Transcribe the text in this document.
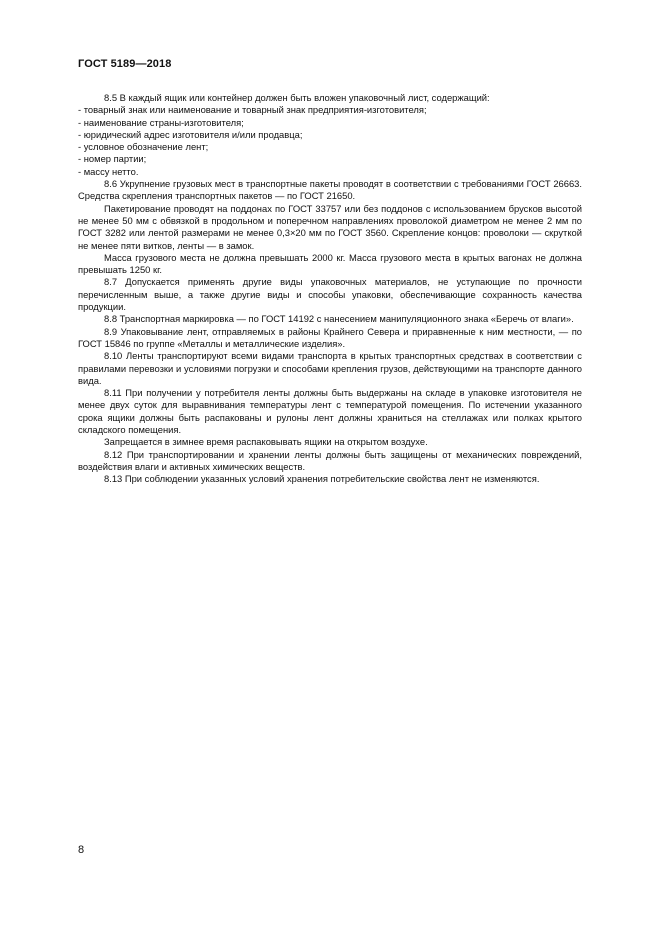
ГОСТ 5189—2018

8.5 В каждый ящик или контейнер должен быть вложен упаковочный лист, содержащий:

- товарный знак или наименование и товарный знак предприятия-изготовителя;

- наименование страны-изготовителя;

- юридический адрес изготовителя и/или продавца;

- условное обозначение лент;

- номер партии;

- массу нетто.

8.6 Укрупнение грузовых мест в транспортные пакеты проводят в соответствии с требованиями ГОСТ 26663. Средства скрепления транспортных пакетов — по ГОСТ 21650.

Пакетирование проводят на поддонах по ГОСТ 33757 или без поддонов с использованием брусков высотой не менее 50 мм с обвязкой в продольном и поперечном направлениях проволокой диаметром не менее 2 мм по ГОСТ 3282 или лентой размерами не менее 0,3×20 мм по ГОСТ 3560. Скрепление концов: проволоки — скруткой не менее пяти витков, ленты — в замок.

Масса грузового места не должна превышать 2000 кг. Масса грузового места в крытых вагонах не должна превышать 1250 кг.

8.7 Допускается применять другие виды упаковочных материалов, не уступающие по прочности перечисленным выше, а также другие виды и способы упаковки, обеспечивающие сохранность качества продукции.

8.8 Транспортная маркировка — по ГОСТ 14192 с нанесением манипуляционного знака «Беречь от влаги».

8.9 Упаковывание лент, отправляемых в районы Крайнего Севера и приравненные к ним местности, — по ГОСТ 15846 по группе «Металлы и металлические изделия».

8.10 Ленты транспортируют всеми видами транспорта в крытых транспортных средствах в соответствии с правилами перевозки и условиями погрузки и способами крепления грузов, действующими на транспорте данного вида.

8.11 При получении у потребителя ленты должны быть выдержаны на складе в упаковке изготовителя не менее двух суток для выравнивания температуры лент с температурой помещения. По истечении указанного срока ящики должны быть распакованы и рулоны лент должны храниться на стеллажах или полках крытого складского помещения.

Запрещается в зимнее время распаковывать ящики на открытом воздухе.

8.12 При транспортировании и хранении ленты должны быть защищены от механических повреждений, воздействия влаги и активных химических веществ.

8.13 При соблюдении указанных условий хранения потребительские свойства лент не изменяются.

8
